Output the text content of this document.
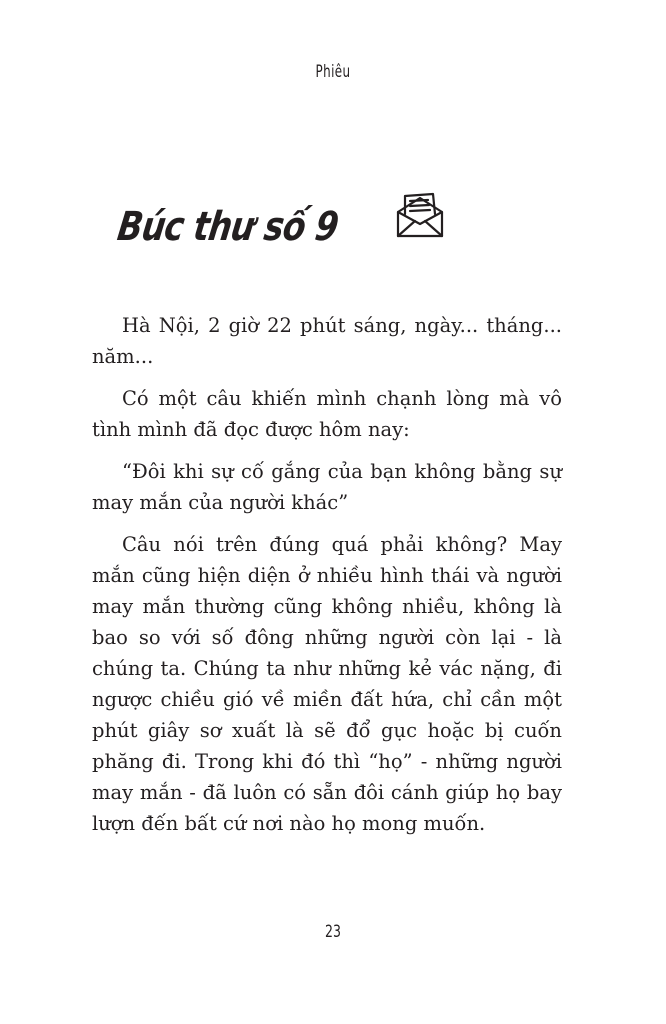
Phiêu
Búc thư số 9

Hà Nội, 2 giờ 22 phút sáng, ngày... tháng... năm...

Có một câu khiến mình chạnh lòng mà vô tình mình đã đọc được hôm nay:

“Đôi khi sự cố gắng của bạn không bằng sự may mắn của người khác”

Câu nói trên đúng quá phải không? May mắn cũng hiện diện ở nhiều hình thái và người may mắn thường cũng không nhiều, không là bao so với số đông những người còn lại - là chúng ta. Chúng ta như những kẻ vác nặng, đi ngược chiều gió về miền đất hứa, chỉ cần một phút giây sơ xuất là sẽ đổ gục hoặc bị cuốn phăng đi. Trong khi đó thì “họ” - những người may mắn - đã luôn có sẵn đôi cánh giúp họ bay lượn đến bất cứ nơi nào họ mong muốn.

23
